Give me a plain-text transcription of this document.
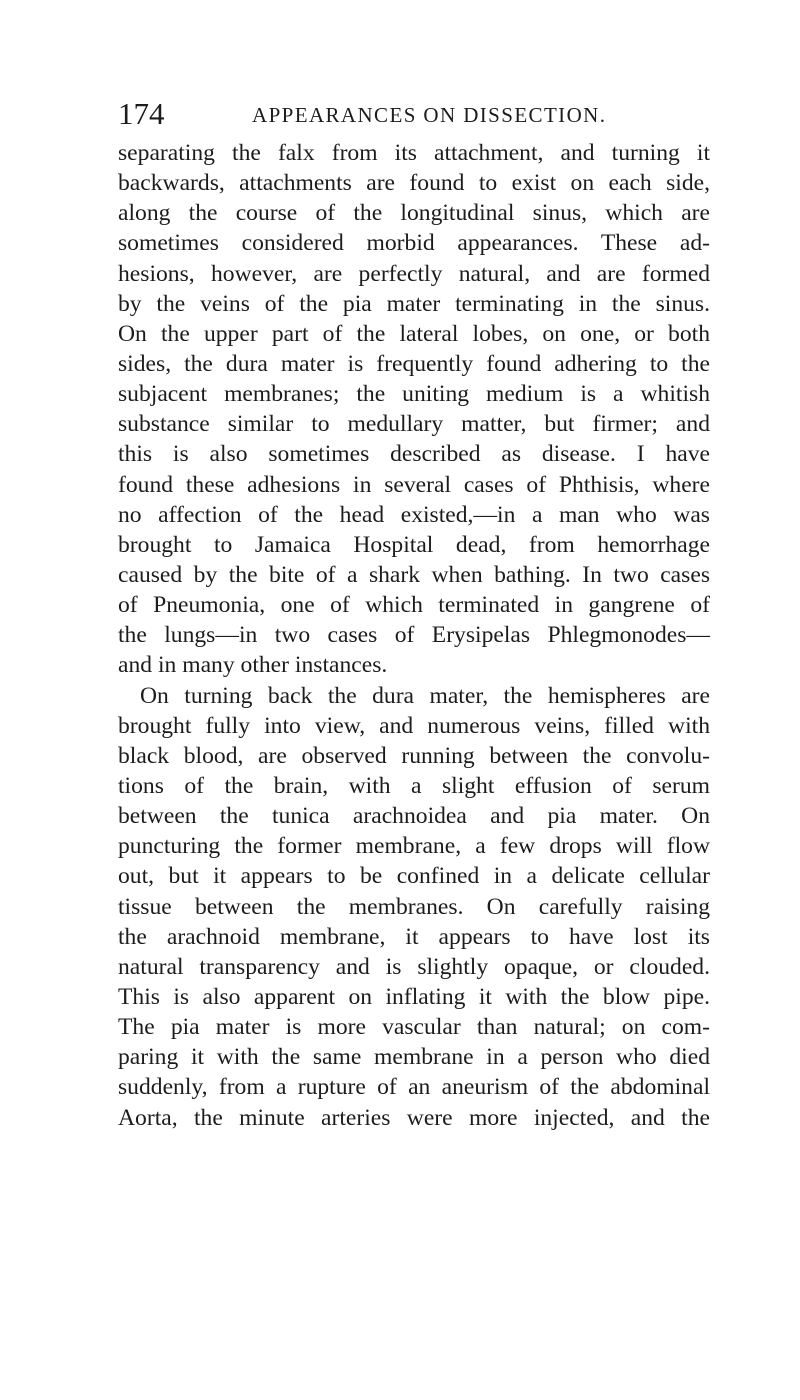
174	APPEARANCES ON DISSECTION.
separating the falx from its attachment, and turning it
backwards, attachments are found to exist on each side,
along the course of the longitudinal sinus, which are
sometimes considered morbid appearances. These ad-
hesions, however, are perfectly natural, and are formed
by the veins of the pia mater terminating in the sinus.
On the upper part of the lateral lobes, on one, or both
sides, the dura mater is frequently found adhering to the
subjacent membranes; the uniting medium is a whitish
substance similar to medullary matter, but firmer; and
this is also sometimes described as disease. I have
found these adhesions in several cases of Phthisis, where
no affection of the head existed,—in a man who was
brought to Jamaica Hospital dead, from hemorrhage
caused by the bite of a shark when bathing. In two cases
of Pneumonia, one of which terminated in gangrene of
the lungs—in two cases of Erysipelas Phlegmonodes—
and in many other instances.
On turning back the dura mater, the hemispheres are
brought fully into view, and numerous veins, filled with
black blood, are observed running between the convolu-
tions of the brain, with a slight effusion of serum
between the tunica arachnoidea and pia mater. On
puncturing the former membrane, a few drops will flow
out, but it appears to be confined in a delicate cellular
tissue between the membranes. On carefully raising
the arachnoid membrane, it appears to have lost its
natural transparency and is slightly opaque, or clouded.
This is also apparent on inflating it with the blow pipe.
The pia mater is more vascular than natural; on com-
paring it with the same membrane in a person who died
suddenly, from a rupture of an aneurism of the abdominal
Aorta, the minute arteries were more injected, and the
